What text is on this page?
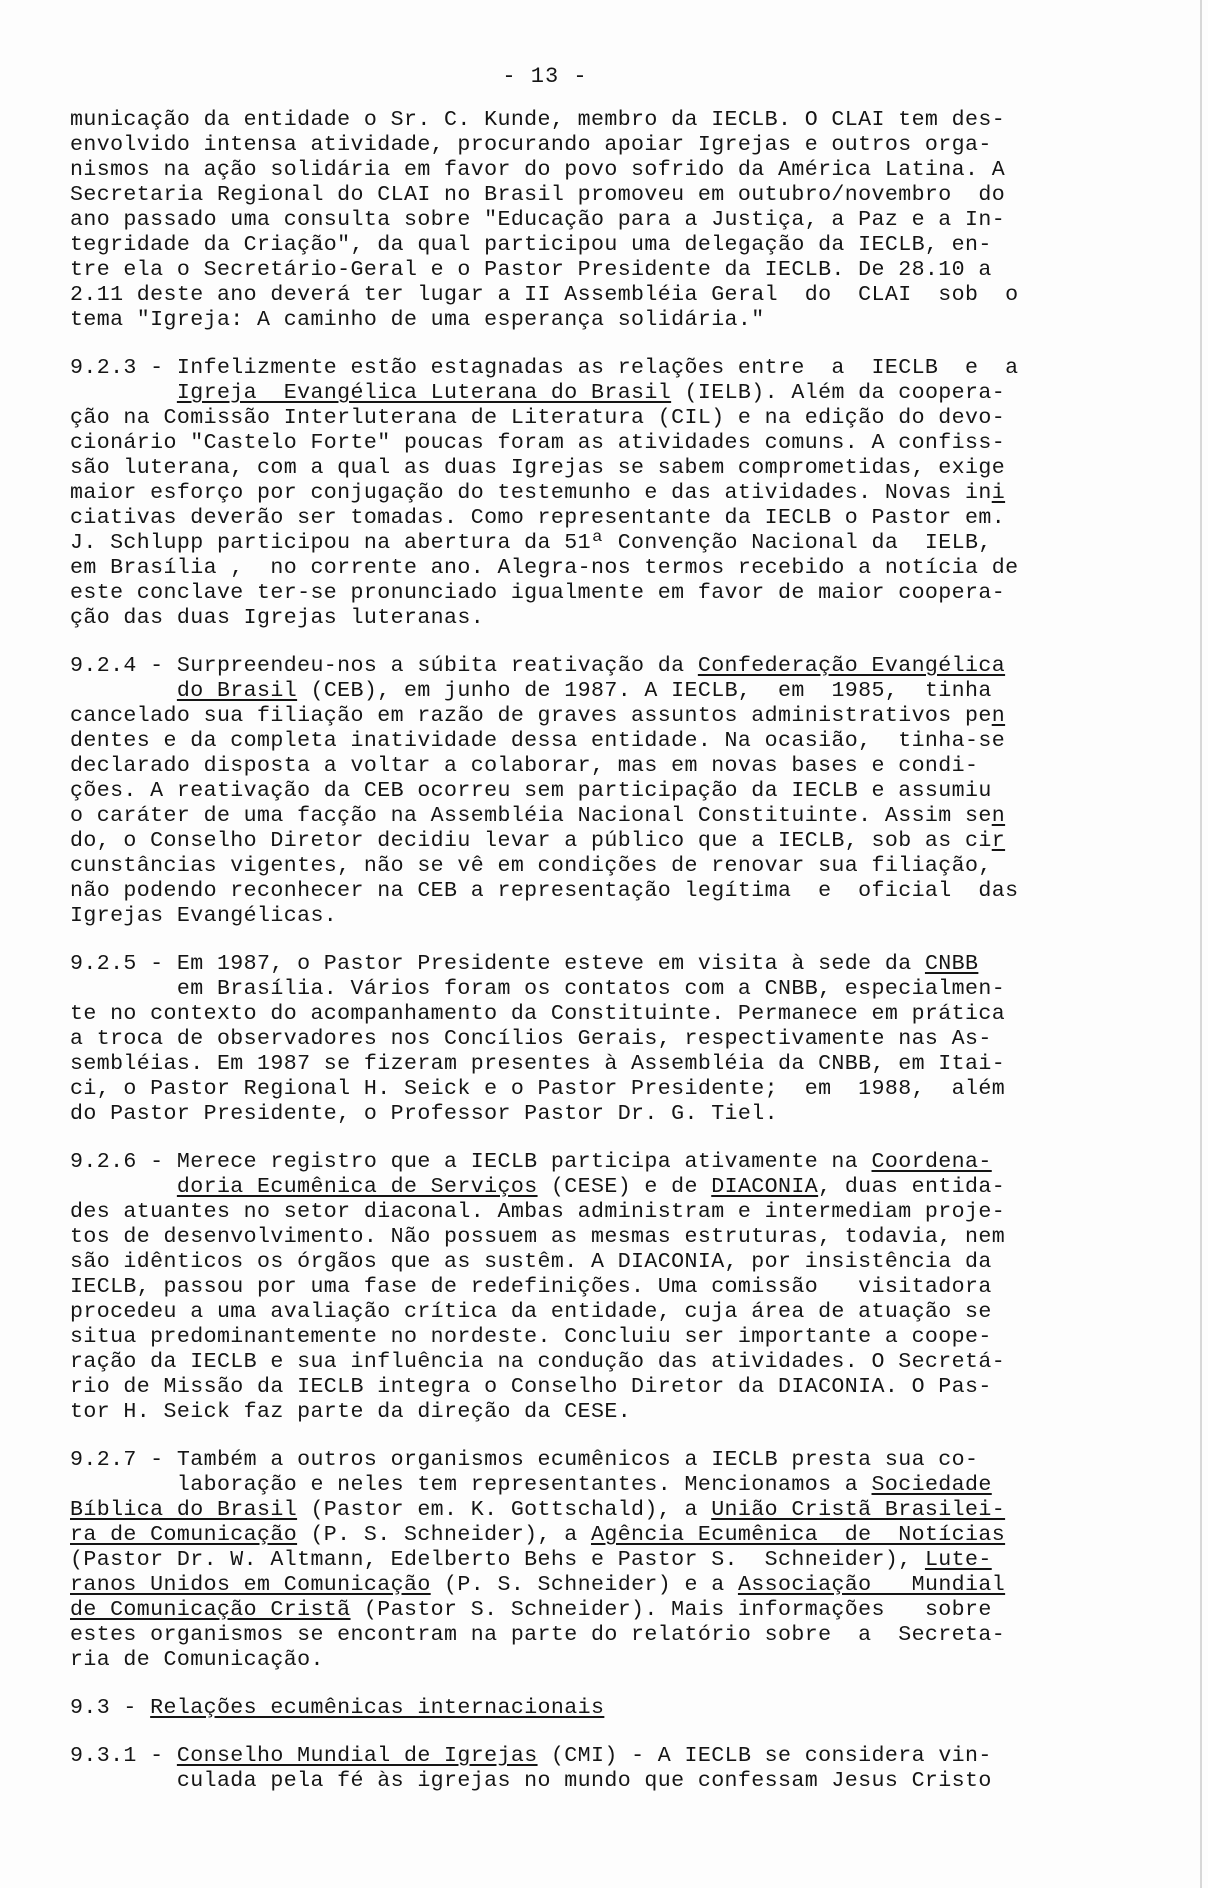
- 13 -
municação da entidade o Sr. C. Kunde, membro da IECLB. O CLAI tem des-
envolvido intensa atividade, procurando apoiar Igrejas e outros orga-
nismos na ação solidária em favor do povo sofrido da América Latina. A
Secretaria Regional do CLAI no Brasil promoveu em outubro/novembro  do
ano passado uma consulta sobre "Educação para a Justiça, a Paz e a In-
tegridade da Criação", da qual participou uma delegação da IECLB, en-
tre ela o Secretário-Geral e o Pastor Presidente da IECLB. De 28.10 a
2.11 deste ano deverá ter lugar a II Assembléia Geral  do  CLAI  sob  o
tema "Igreja: A caminho de uma esperança solidária."
9.2.3 - Infelizmente estão estagnadas as relações entre  a  IECLB  e  a
Igreja  Evangélica Luterana do Brasil (IELB). Além da coopera-
ção na Comissão Interluterana de Literatura (CIL) e na edição do devo-
cionário "Castelo Forte" poucas foram as atividades comuns. A confiss-
são luterana, com a qual as duas Igrejas se sabem comprometidas, exige
maior esforço por conjugação do testemunho e das atividades. Novas ini
ciativas deverão ser tomadas. Como representante da IECLB o Pastor em.
J. Schlupp participou na abertura da 51ª Convenção Nacional da  IELB,
em Brasília ,  no corrente ano. Alegra-nos termos recebido a notícia de
este conclave ter-se pronunciado igualmente em favor de maior coopera-
ção das duas Igrejas luteranas.
9.2.4 - Surpreendeu-nos a súbita reativação da Confederação Evangélica
do Brasil (CEB), em junho de 1987. A IECLB,  em  1985,  tinha
cancelado sua filiação em razão de graves assuntos administrativos pen
dentes e da completa inatividade dessa entidade. Na ocasião,  tinha-se
declarado disposta a voltar a colaborar, mas em novas bases e condi-
ções. A reativação da CEB ocorreu sem participação da IECLB e assumiu
o caráter de uma facção na Assembléia Nacional Constituinte. Assim sen
do, o Conselho Diretor decidiu levar a público que a IECLB, sob as cir
cunstâncias vigentes, não se vê em condições de renovar sua filiação,
não podendo reconhecer na CEB a representação legítima  e  oficial  das
Igrejas Evangélicas.
9.2.5 - Em 1987, o Pastor Presidente esteve em visita à sede da CNBB
em Brasília. Vários foram os contatos com a CNBB, especialmen-
te no contexto do acompanhamento da Constituinte. Permanece em prática
a troca de observadores nos Concílios Gerais, respectivamente nas As-
sembléias. Em 1987 se fizeram presentes à Assembléia da CNBB, em Itai-
ci, o Pastor Regional H. Seick e o Pastor Presidente;  em  1988,  além
do Pastor Presidente, o Professor Pastor Dr. G. Tiel.
9.2.6 - Merece registro que a IECLB participa ativamente na Coordena-
doria Ecumênica de Serviços (CESE) e de DIACONIA, duas entida-
des atuantes no setor diaconal. Ambas administram e intermediam proje-
tos de desenvolvimento. Não possuem as mesmas estruturas, todavia, nem
são idênticos os órgãos que as sustêm. A DIACONIA, por insistência da
IECLB, passou por uma fase de redefinições. Uma comissão   visitadora
procedeu a uma avaliação crítica da entidade, cuja área de atuação se
situa predominantemente no nordeste. Concluiu ser importante a coope-
ração da IECLB e sua influência na condução das atividades. O Secretá-
rio de Missão da IECLB integra o Conselho Diretor da DIACONIA. O Pas-
tor H. Seick faz parte da direção da CESE.
9.2.7 - Também a outros organismos ecumênicos a IECLB presta sua co-
laboração e neles tem representantes. Mencionamos a Sociedade
Bíblica do Brasil (Pastor em. K. Gottschald), a União Cristã Brasilei-
ra de Comunicação (P. S. Schneider), a Agência Ecumênica  de  Notícias
(Pastor Dr. W. Altmann, Edelberto Behs e Pastor S.  Schneider), Lute-
ranos Unidos em Comunicação (P. S. Schneider) e a Associação   Mundial
de Comunicação Cristã (Pastor S. Schneider). Mais informações   sobre
estes organismos se encontram na parte do relatório sobre  a  Secreta-
ria de Comunicação.
9.3 - Relações ecumênicas internacionais
9.3.1 - Conselho Mundial de Igrejas (CMI) - A IECLB se considera vin-
culada pela fé às igrejas no mundo que confessam Jesus Cristo
